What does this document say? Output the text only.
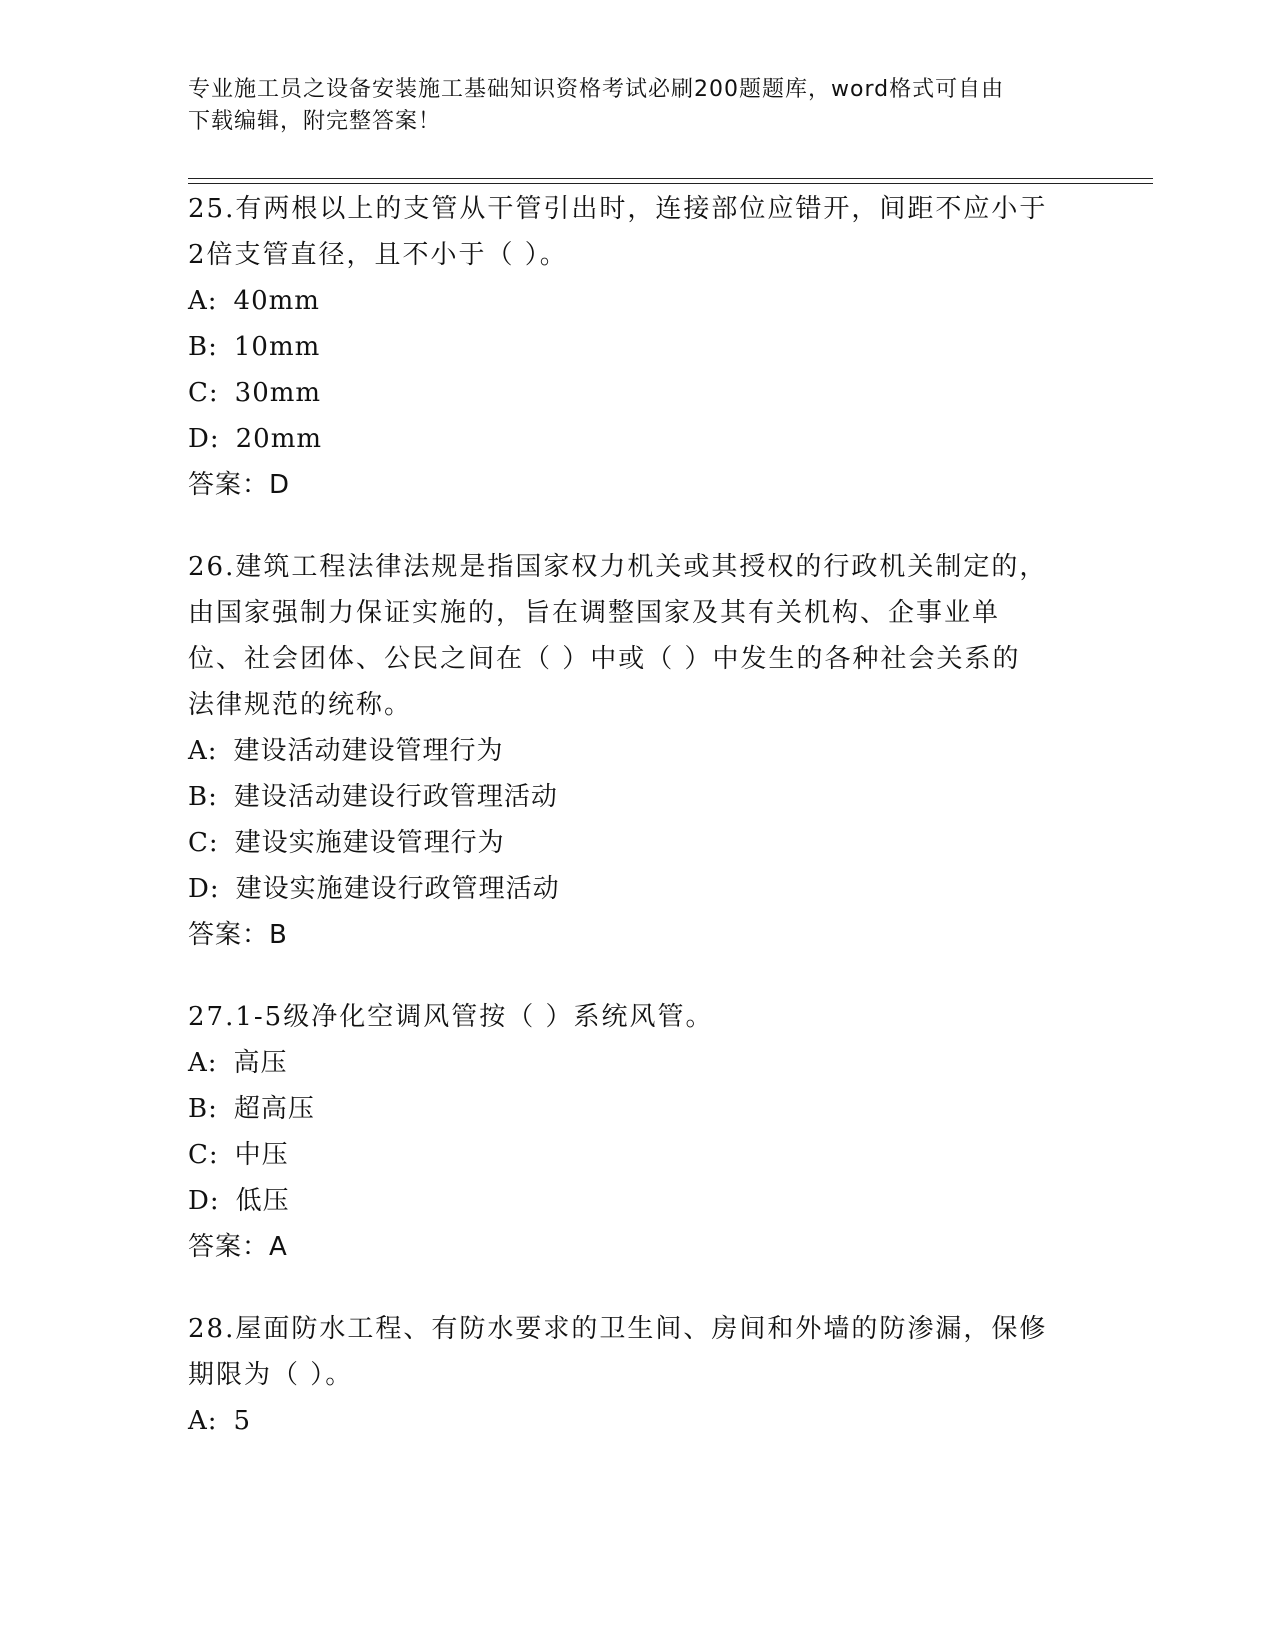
专业施工员之设备安装施工基础知识资格考试必刷200题题库，word格式可自由
下载编辑，附完整答案！

25.有两根以上的支管从干管引出时，连接部位应错开，间距不应小于2倍支管直径，且不小于（ ）。

A: 40mm
B: 10mm
C: 30mm
D: 20mm
答案：D

26.建筑工程法律法规是指国家权力机关或其授权的行政机关制定的，由国家强制力保证实施的，旨在调整国家及其有关机构、企事业单位、社会团体、公民之间在（ ）中或（ ）中发生的各种社会关系的法律规范的统称。

A: 建设活动建设管理行为
B: 建设活动建设行政管理活动
C: 建设实施建设管理行为
D: 建设实施建设行政管理活动
答案：B

27.1-5级净化空调风管按（ ）系统风管。

A: 高压
B: 超高压
C: 中压
D: 低压
答案：A

28.屋面防水工程、有防水要求的卫生间、房间和外墙的防渗漏，保修期限为（ ）。

A: 5
